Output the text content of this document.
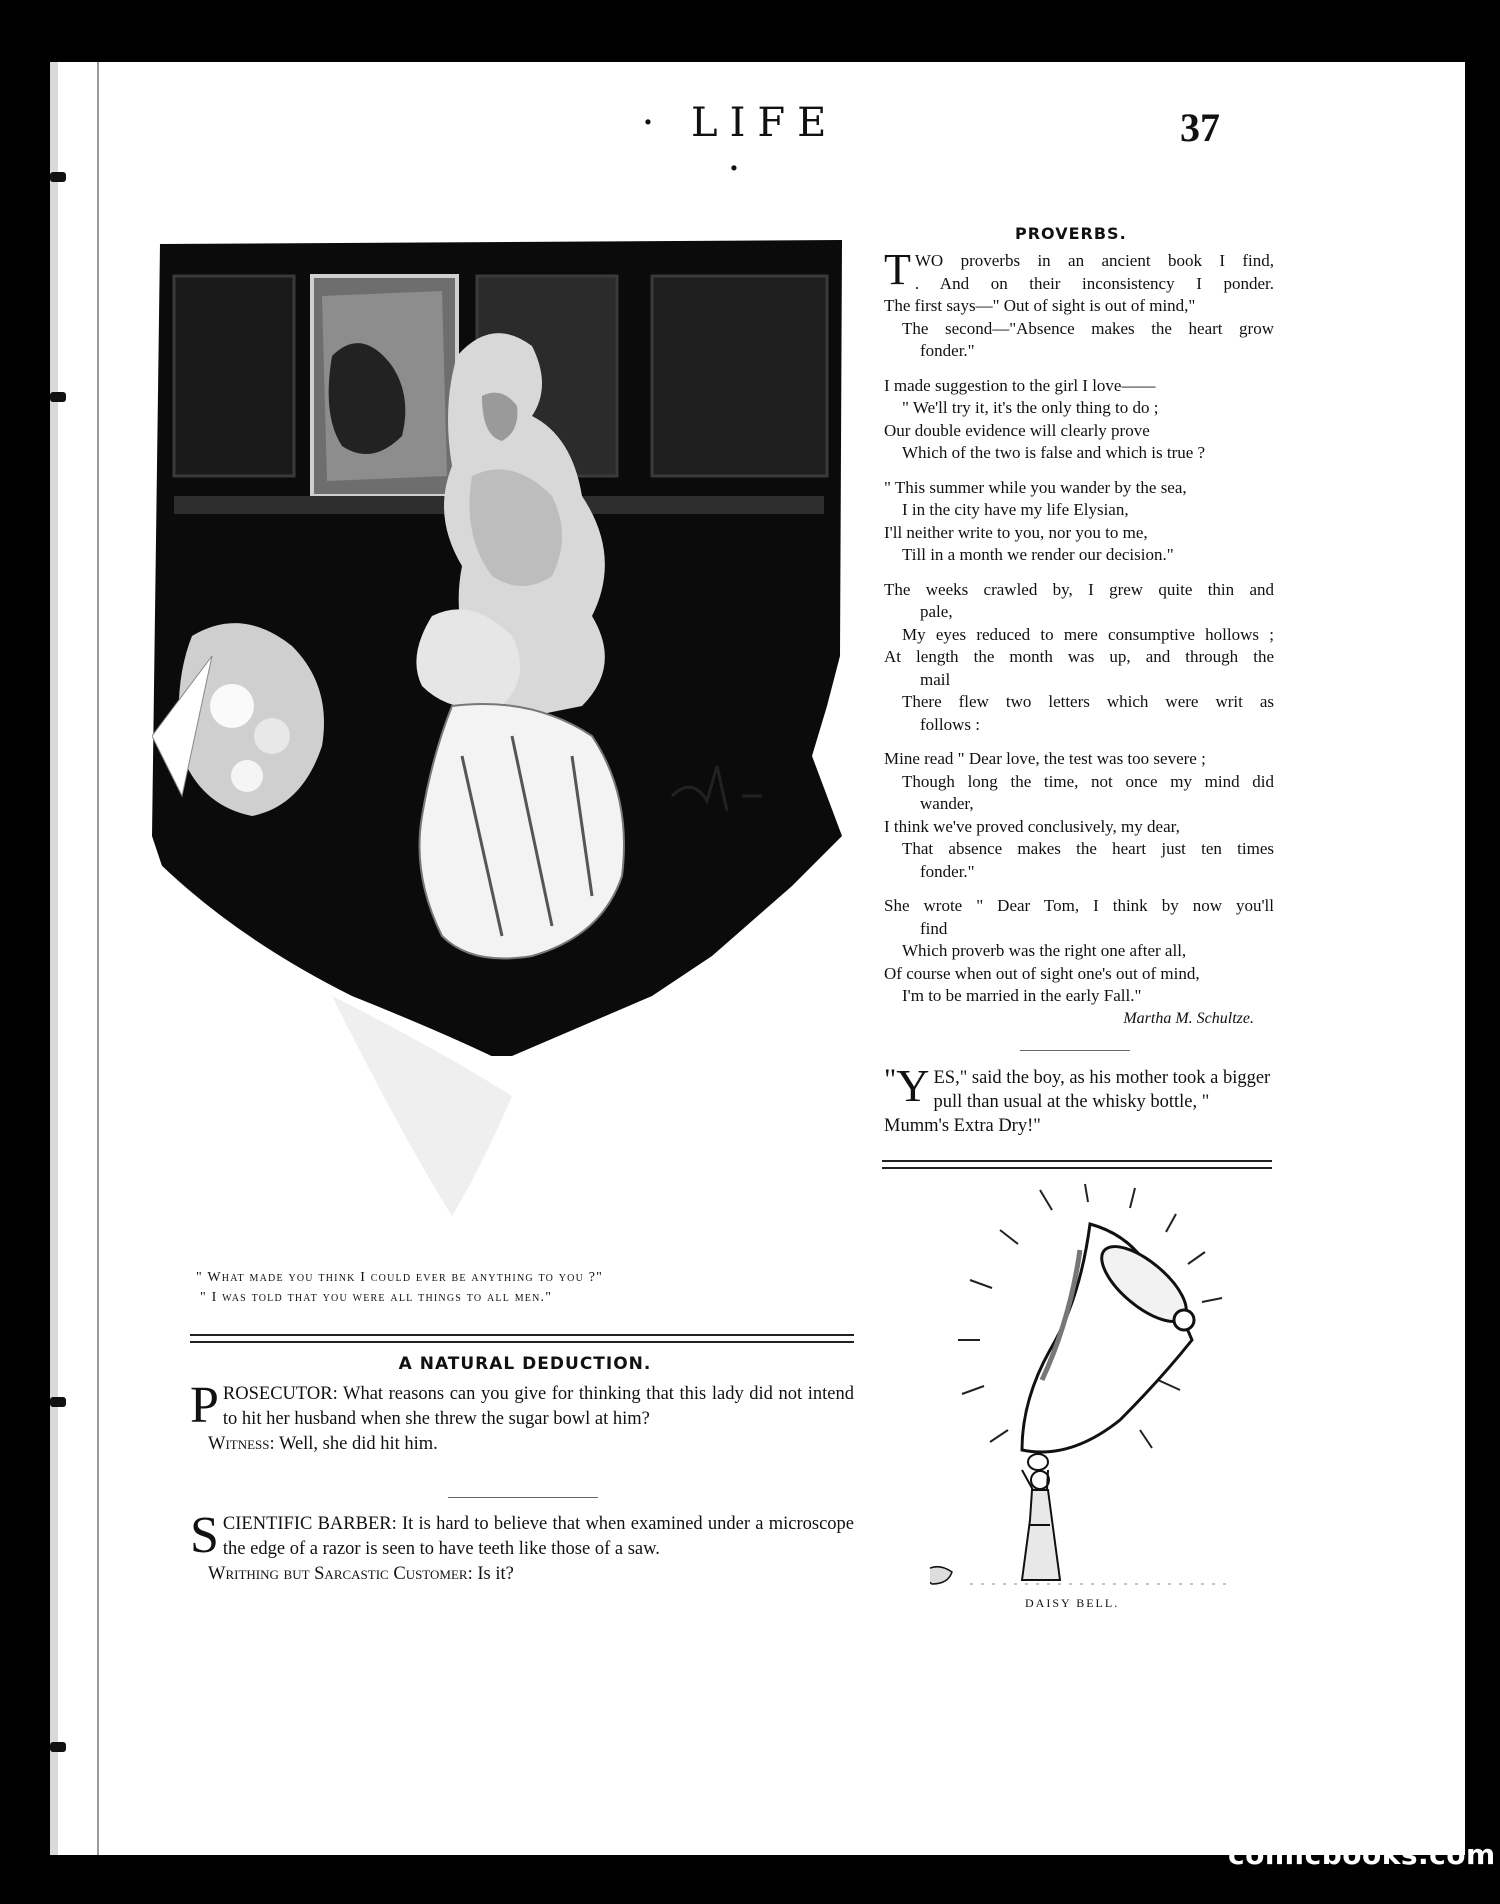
· LIFE ·
37
" What made you think I could ever be anything to you ?"
" I was told that you were all things to all men."
A NATURAL DEDUCTION.

PROSECUTOR: What reasons can you give for thinking that this lady did not intend to hit her husband when she threw the sugar bowl at him?

Witness: Well, she did hit him.

SCIENTIFIC BARBER: It is hard to believe that when examined under a microscope the edge of a razor is seen to have teeth like those of a saw.

Writhing but Sarcastic Customer: Is it?

PROVERBS.
T WO proverbs in an ancient book I find,
. And on their inconsistency I ponder.
The first says—" Out of sight is out of mind,"
The second—"Absence makes the heart grow
fonder."
I made suggestion to the girl I love——
" We'll try it, it's the only thing to do ;
Our double evidence will clearly prove
Which of the two is false and which is true ?
" This summer while you wander by the sea,
I in the city have my life Elysian,
I'll neither write to you, nor you to me,
Till in a month we render our decision."
The weeks crawled by, I grew quite thin and
pale,
My eyes reduced to mere consumptive hollows ;
At length the month was up, and through the
mail
There flew two letters which were writ as
follows :
Mine read " Dear love, the test was too severe ;
Though long the time, not once my mind did
wander,
I think we've proved conclusively, my dear,
That absence makes the heart just ten times
fonder."
She wrote " Dear Tom, I think by now you'll
find
Which proverb was the right one after all,
Of course when out of sight one's out of mind,
I'm to be married in the early Fall."
Martha M. Schultze.
" Y ES," said the boy, as his mother took a bigger pull than usual at the whisky bottle, " Mumm's Extra Dry!"
DAISY BELL.
comicbooks.com
